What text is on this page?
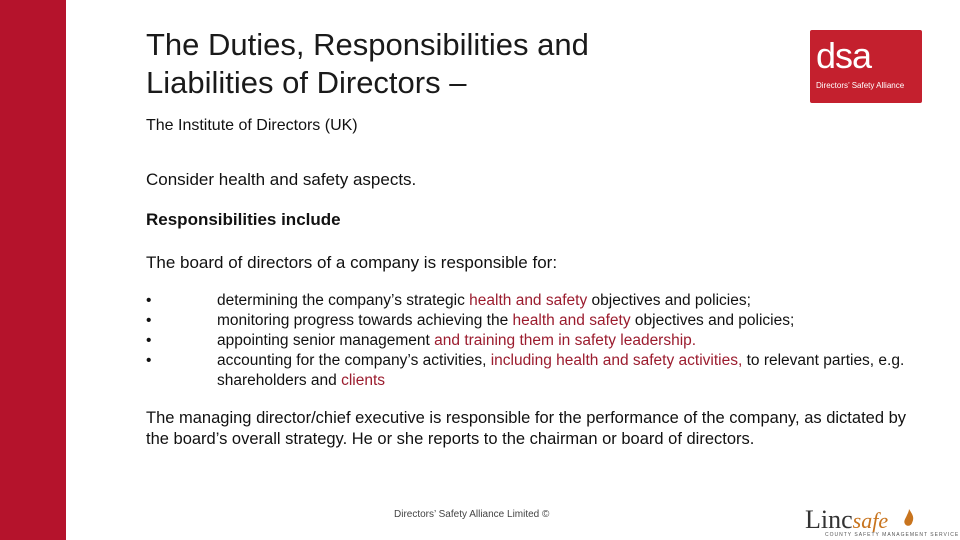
The Duties, Responsibilities and
Liabilities of Directors –
The Institute of Directors (UK)
Consider health and safety aspects.
Responsibilities include
The board of directors of a company is responsible for:
•	determining the company’s strategic health and safety objectives and policies;
•	monitoring progress towards achieving the health and safety objectives and policies;
•	appointing senior management and training them in safety leadership.
•	accounting for the company’s activities, including health and safety activities, to relevant parties, e.g. shareholders and clients
The managing director/chief executive is responsible for the performance of the company, as dictated by the board’s overall strategy. He or she reports to the chairman or board of directors.
dsa
Directors’ Safety Alliance
Directors’ Safety Alliance Limited ©	Lincsafe
COUNTY SAFETY MANAGEMENT SERVICE
